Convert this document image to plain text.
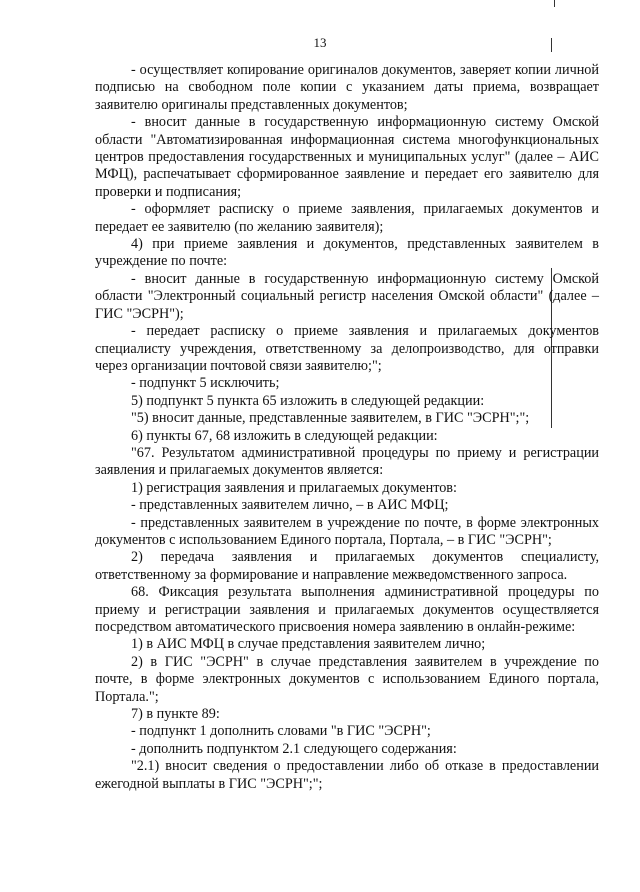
13

- осуществляет копирование оригиналов документов, заверяет копии личной подписью на свободном поле копии с указанием даты приема, возвращает заявителю оригиналы представленных документов;

- вносит данные в государственную информационную систему Омской области "Автоматизированная информационная система многофункциональных центров предоставления государственных и муниципальных услуг" (далее – АИС МФЦ), распечатывает сформированное заявление и передает его заявителю для проверки и подписания;

- оформляет расписку о приеме заявления, прилагаемых документов и передает ее заявителю (по желанию заявителя);

4) при приеме заявления и документов, представленных заявителем в учреждение по почте:

- вносит данные в государственную информационную систему Омской области "Электронный социальный регистр населения Омской области" (далее – ГИС "ЭСРН");

- передает расписку о приеме заявления и прилагаемых документов специалисту учреждения, ответственному за делопроизводство, для отправки через организации почтовой связи заявителю;";

- подпункт 5 исключить;

5) подпункт 5 пункта 65 изложить в следующей редакции:

"5) вносит данные, представленные заявителем, в ГИС "ЭСРН";";

6) пункты 67, 68 изложить в следующей редакции:

"67. Результатом административной процедуры по приему и регистрации заявления и прилагаемых документов является:

1) регистрация заявления и прилагаемых документов:

- представленных заявителем лично, – в АИС МФЦ;

- представленных заявителем в учреждение по почте, в форме электронных документов с использованием Единого портала, Портала, – в ГИС "ЭСРН";

2) передача заявления и прилагаемых документов специалисту, ответственному за формирование и направление межведомственного запроса.

68. Фиксация результата выполнения административной процедуры по приему и регистрации заявления и прилагаемых документов осуществляется посредством автоматического присвоения номера заявлению в онлайн-режиме:

1) в АИС МФЦ в случае представления заявителем лично;

2) в ГИС "ЭСРН" в случае представления заявителем в учреждение по почте, в форме электронных документов с использованием Единого портала, Портала.";

7) в пункте 89:

- подпункт 1 дополнить словами "в ГИС "ЭСРН";

- дополнить подпунктом 2.1 следующего содержания:

"2.1) вносит сведения о предоставлении либо об отказе в предоставлении ежегодной выплаты в ГИС "ЭСРН";";
